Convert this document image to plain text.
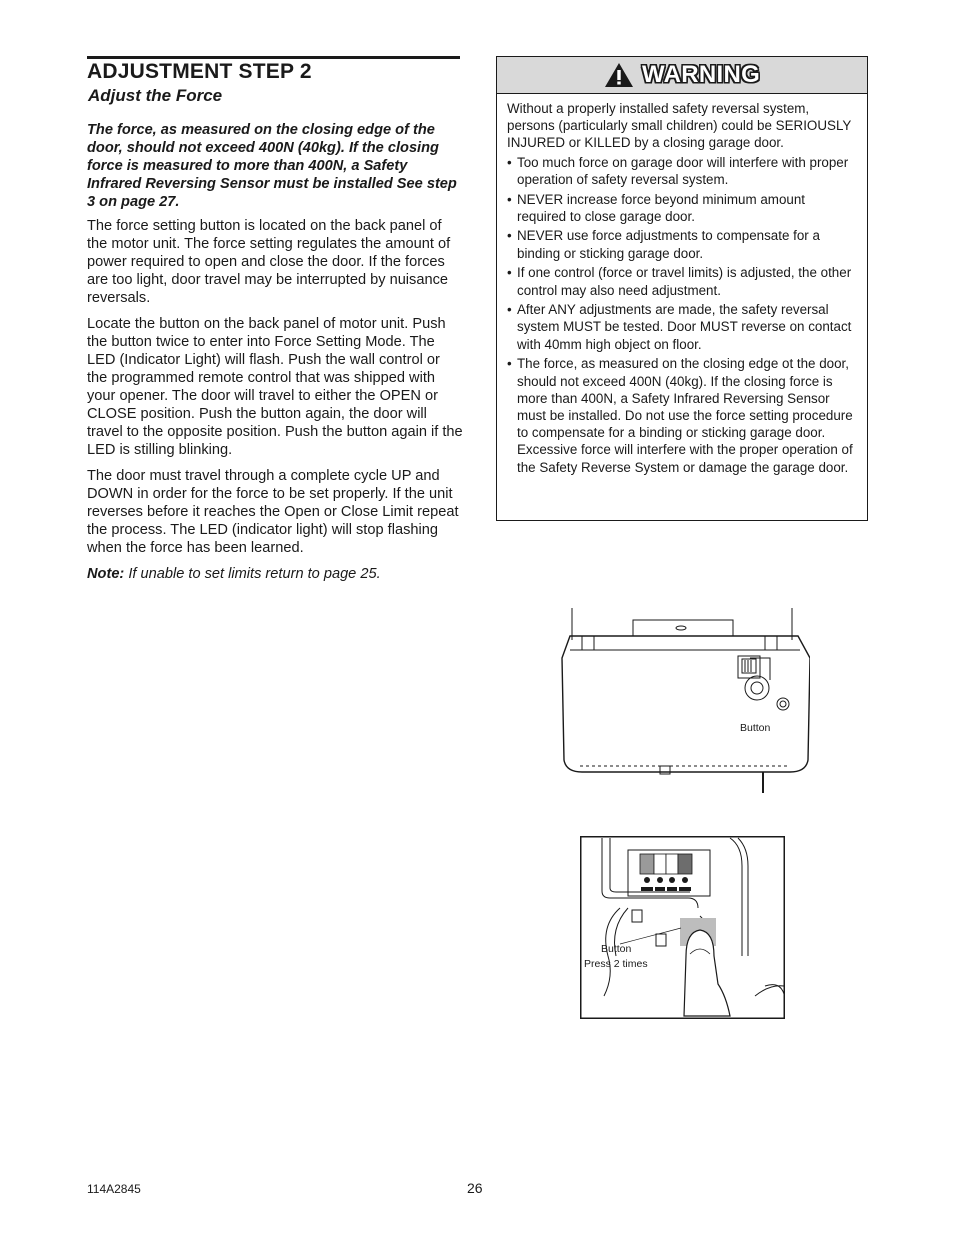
ADJUSTMENT STEP 2
Adjust the Force

The force, as measured on the closing edge of the door, should not exceed 400N (40kg). If the closing force is measured to more than 400N, a Safety Infrared Reversing Sensor must be installed See step 3 on page 27.

The force setting button is located on the back panel of the motor unit. The force setting regulates the amount of power required to open and close the door. If the forces are too light, door travel may be interrupted by nuisance reversals.

Locate the button on the back panel of motor unit. Push the button twice to enter into Force Setting Mode. The LED (Indicator Light) will flash. Push the wall control or the programmed remote control that was shipped with your opener. The door will travel to either the OPEN or CLOSE position. Push the button again, the door will travel to the opposite position. Push the button again if the LED is stilling blinking.

The door must travel through a complete cycle UP and DOWN in order for the force to be set properly. If the unit reverses before it reaches the Open or Close Limit repeat the process. The LED (indicator light) will stop flashing when the force has been learned.

Note: If unable to set limits return to page 25.

WARNING

Without a properly installed safety reversal system, persons (particularly small children) could be SERIOUSLY INJURED or KILLED by a closing garage door.

• Too much force on garage door will interfere with proper operation of safety reversal system.
• NEVER increase force beyond minimum amount required to close garage door.
• NEVER use force adjustments to compensate for a binding or sticking garage door.
• If one control (force or travel limits) is adjusted, the other control may also need adjustment.
• After ANY adjustments are made, the safety reversal system MUST be tested. Door MUST reverse on contact with 40mm high object on floor.
• The force, as measured on the closing edge ot the door, should not exceed 400N (40kg). If the closing force is more than 400N, a Safety Infrared Reversing Sensor must be installed. Do not use the force setting procedure to compensate for a binding or sticking garage door. Excessive force will interfere with the proper operation of the Safety Reverse System or damage the garage door.
Button
Button
Press 2 times
114A2845	26
